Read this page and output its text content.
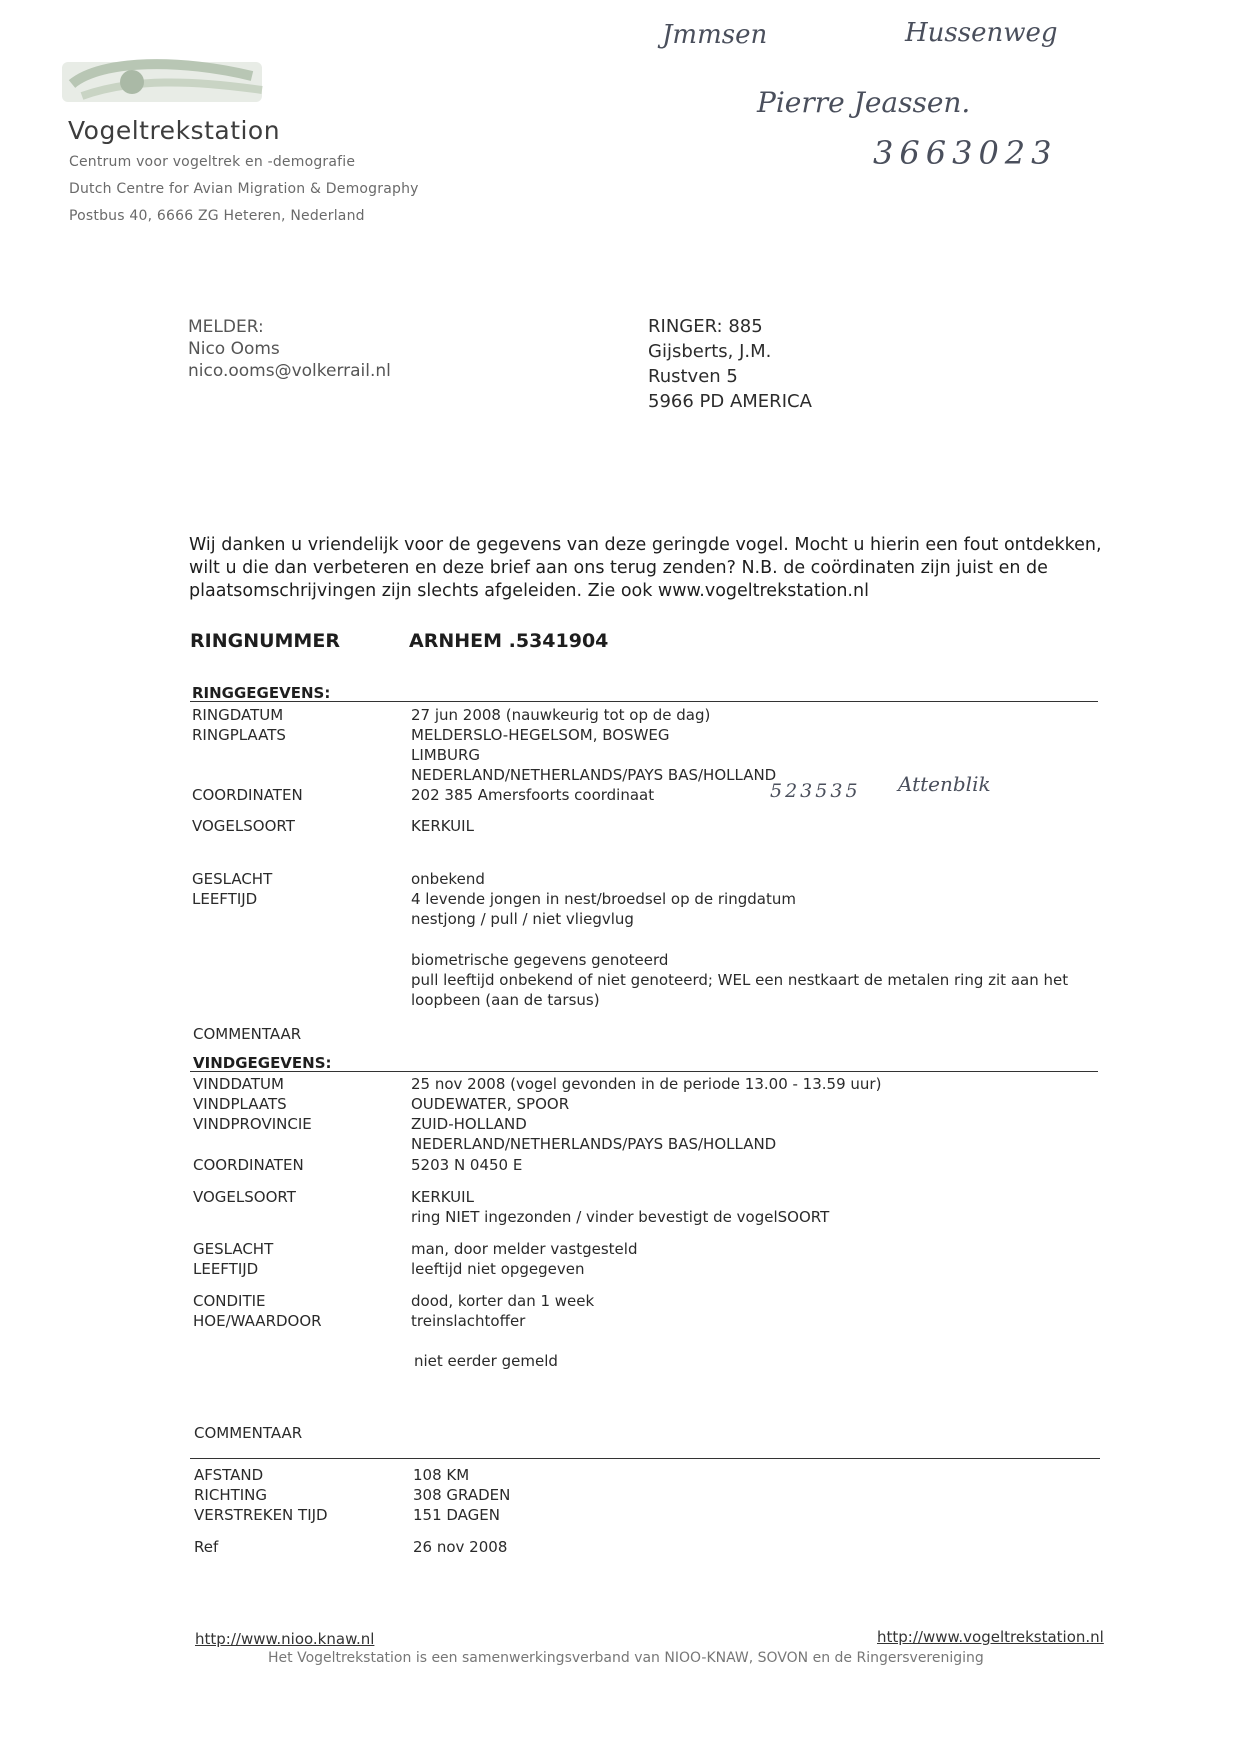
Vogeltrekstation
Centrum voor vogeltrek en -demografie
Dutch Centre for Avian Migration & Demography
Postbus 40, 6666 ZG Heteren, Nederland
Jmmsen	Hussenweg
Pierre Jeassen.
3663023
MELDER:
Nico Ooms
nico.ooms@volkerrail.nl
RINGER: 885
Gijsberts, J.M.
Rustven 5
5966 PD AMERICA
Wij danken u vriendelijk voor de gegevens van deze geringde vogel. Mocht u hierin een fout ontdekken, wilt u die dan verbeteren en deze brief aan ons terug zenden? N.B. de coördinaten zijn juist en de plaatsomschrijvingen zijn slechts afgeleiden. Zie ook www.vogeltrekstation.nl
RINGNUMMER	ARNHEM .5341904
RINGGEGEVENS:
RINGDATUM	27 jun 2008 (nauwkeurig tot op de dag)
RINGPLAATS	MELDERSLO-HEGELSOM, BOSWEG
LIMBURG
NEDERLAND/NETHERLANDS/PAYS BAS/HOLLAND
COORDINATEN	202 385 Amersfoorts coordinaat	523535 Attenblik
VOGELSOORT	KERKUIL
GESLACHT	onbekend
LEEFTIJD	4 levende jongen in nest/broedsel op de ringdatum
nestjong / pull / niet vliegvlug
biometrische gegevens genoteerd
pull leeftijd onbekend of niet genoteerd; WEL een nestkaart de metalen ring zit aan het
loopbeen (aan de tarsus)
COMMENTAAR
VINDGEGEVENS:
VINDDATUM	25 nov 2008 (vogel gevonden in de periode 13.00 - 13.59 uur)
VINDPLAATS	OUDEWATER, SPOOR
VINDPROVINCIE	ZUID-HOLLAND
NEDERLAND/NETHERLANDS/PAYS BAS/HOLLAND
COORDINATEN	5203 N 0450 E
VOGELSOORT	KERKUIL
ring NIET ingezonden / vinder bevestigt de vogelSOORT
GESLACHT	man, door melder vastgesteld
LEEFTIJD	leeftijd niet opgegeven
CONDITIE	dood, korter dan 1 week
HOE/WAARDOOR	treinslachtoffer
niet eerder gemeld
COMMENTAAR
AFSTAND	108 KM
RICHTING	308 GRADEN
VERSTREKEN TIJD	151 DAGEN
Ref	26 nov 2008
http://www.nioo.knaw.nl	http://www.vogeltrekstation.nl
Het Vogeltrekstation is een samenwerkingsverband van NIOO-KNAW, SOVON en de Ringersvereniging
